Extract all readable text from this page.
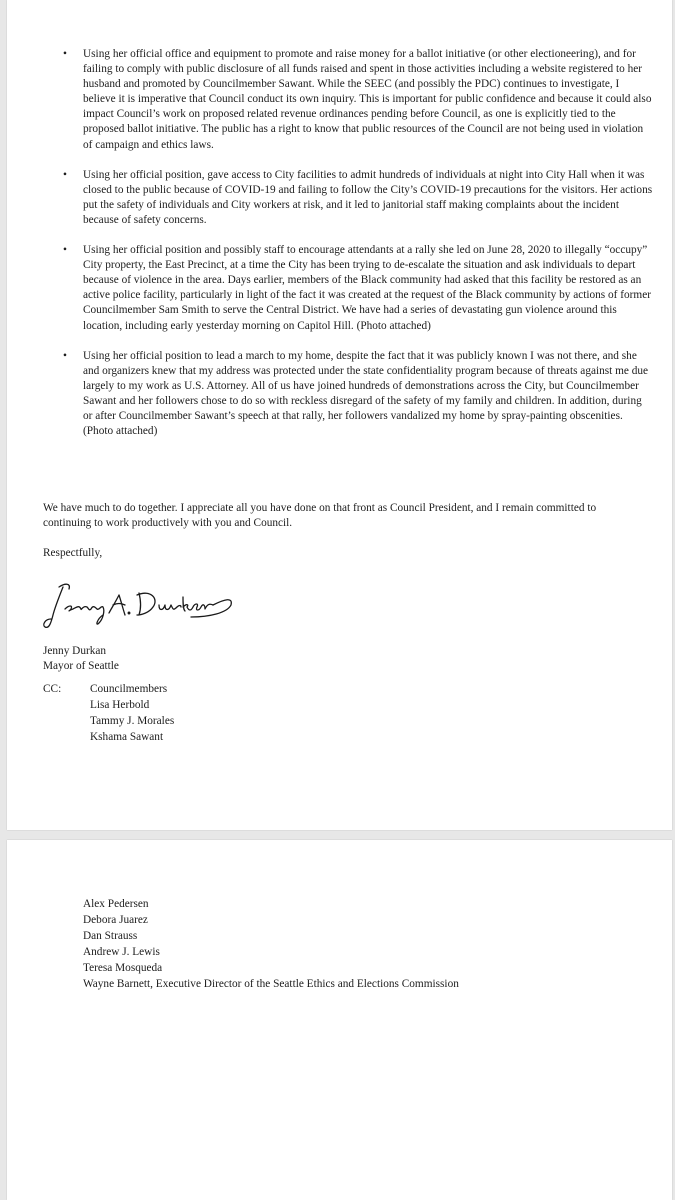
• Using her official office and equipment to promote and raise money for a ballot initiative (or other electioneering), and for failing to comply with public disclosure of all funds raised and spent in those activities including a website registered to her husband and promoted by Councilmember Sawant. While the SEEC (and possibly the PDC) continues to investigate, I believe it is imperative that Council conduct its own inquiry. This is important for public confidence and because it could also impact Council’s work on proposed related revenue ordinances pending before Council, as one is explicitly tied to the proposed ballot initiative. The public has a right to know that public resources of the Council are not being used in violation of campaign and ethics laws.
• Using her official position, gave access to City facilities to admit hundreds of individuals at night into City Hall when it was closed to the public because of COVID-19 and failing to follow the City’s COVID-19 precautions for the visitors. Her actions put the safety of individuals and City workers at risk, and it led to janitorial staff making complaints about the incident because of safety concerns.
• Using her official position and possibly staff to encourage attendants at a rally she led on June 28, 2020 to illegally “occupy” City property, the East Precinct, at a time the City has been trying to de-escalate the situation and ask individuals to depart because of violence in the area. Days earlier, members of the Black community had asked that this facility be restored as an active police facility, particularly in light of the fact it was created at the request of the Black community by actions of former Councilmember Sam Smith to serve the Central District. We have had a series of devastating gun violence around this location, including early yesterday morning on Capitol Hill. (Photo attached)
• Using her official position to lead a march to my home, despite the fact that it was publicly known I was not there, and she and organizers knew that my address was protected under the state confidentiality program because of threats against me due largely to my work as U.S. Attorney. All of us have joined hundreds of demonstrations across the City, but Councilmember Sawant and her followers chose to do so with reckless disregard of the safety of my family and children. In addition, during or after Councilmember Sawant’s speech at that rally, her followers vandalized my home by spray-painting obscenities. (Photo attached)

We have much to do together. I appreciate all you have done on that front as Council President, and I remain committed to continuing to work productively with you and Council.

Respectfully,

Jenny Durkan

Mayor of Seattle

CC:	Councilmembers
Lisa Herbold
Tammy J. Morales
Kshama Sawant
Alex Pedersen
Debora Juarez
Dan Strauss
Andrew J. Lewis
Teresa Mosqueda
Wayne Barnett, Executive Director of the Seattle Ethics and Elections Commission
